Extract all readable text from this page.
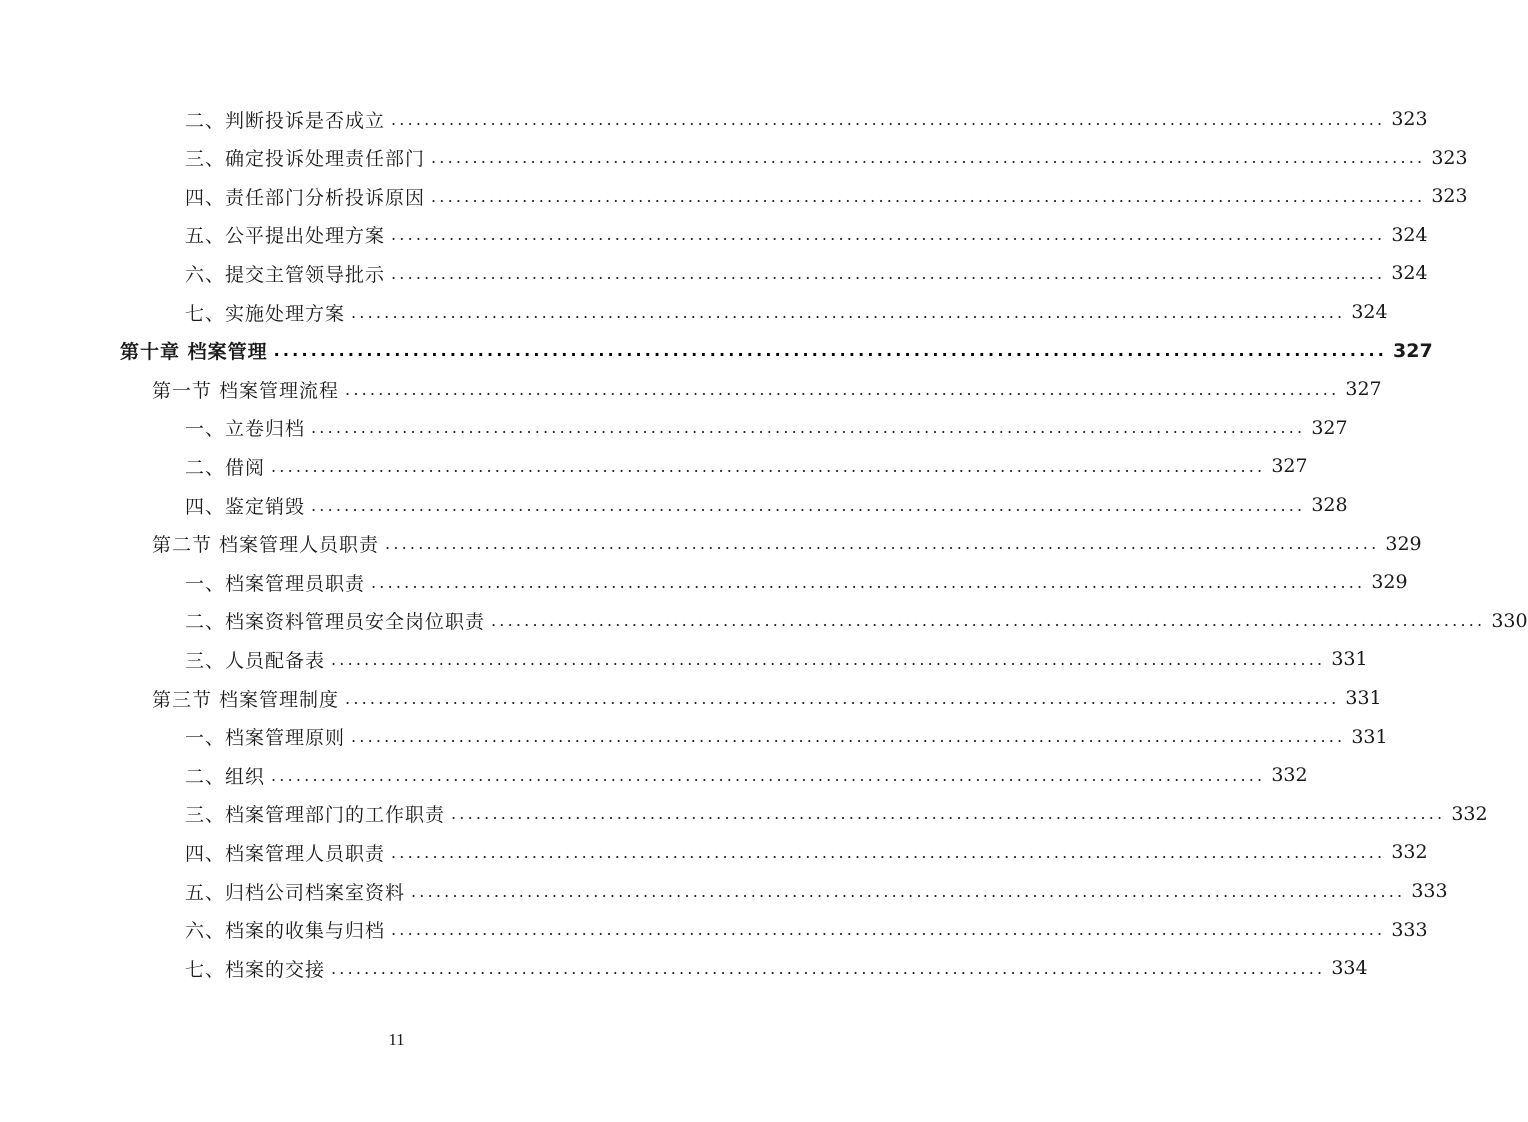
二、判断投诉是否成立 ........................................................................................................................ 323
三、确定投诉处理责任部门 ........................................................................................................................ 323
四、责任部门分析投诉原因 ........................................................................................................................ 323
五、公平提出处理方案 ........................................................................................................................ 324
六、提交主管领导批示 ........................................................................................................................ 324
七、实施处理方案 ........................................................................................................................ 324
第十章 档案管理 ........................................................................................................................ 327
第一节 档案管理流程 ........................................................................................................................ 327
一、立卷归档 ........................................................................................................................ 327
二、借阅 ........................................................................................................................ 327
四、鉴定销毁 ........................................................................................................................ 328
第二节 档案管理人员职责 ........................................................................................................................ 329
一、档案管理员职责 ........................................................................................................................ 329
二、档案资料管理员安全岗位职责 ........................................................................................................................ 330
三、人员配备表 ........................................................................................................................ 331
第三节 档案管理制度 ........................................................................................................................ 331
一、档案管理原则 ........................................................................................................................ 331
二、组织 ........................................................................................................................ 332
三、档案管理部门的工作职责 ........................................................................................................................ 332
四、档案管理人员职责 ........................................................................................................................ 332
五、归档公司档案室资料 ........................................................................................................................ 333
六、档案的收集与归档 ........................................................................................................................ 333
七、档案的交接 ........................................................................................................................ 334
11
